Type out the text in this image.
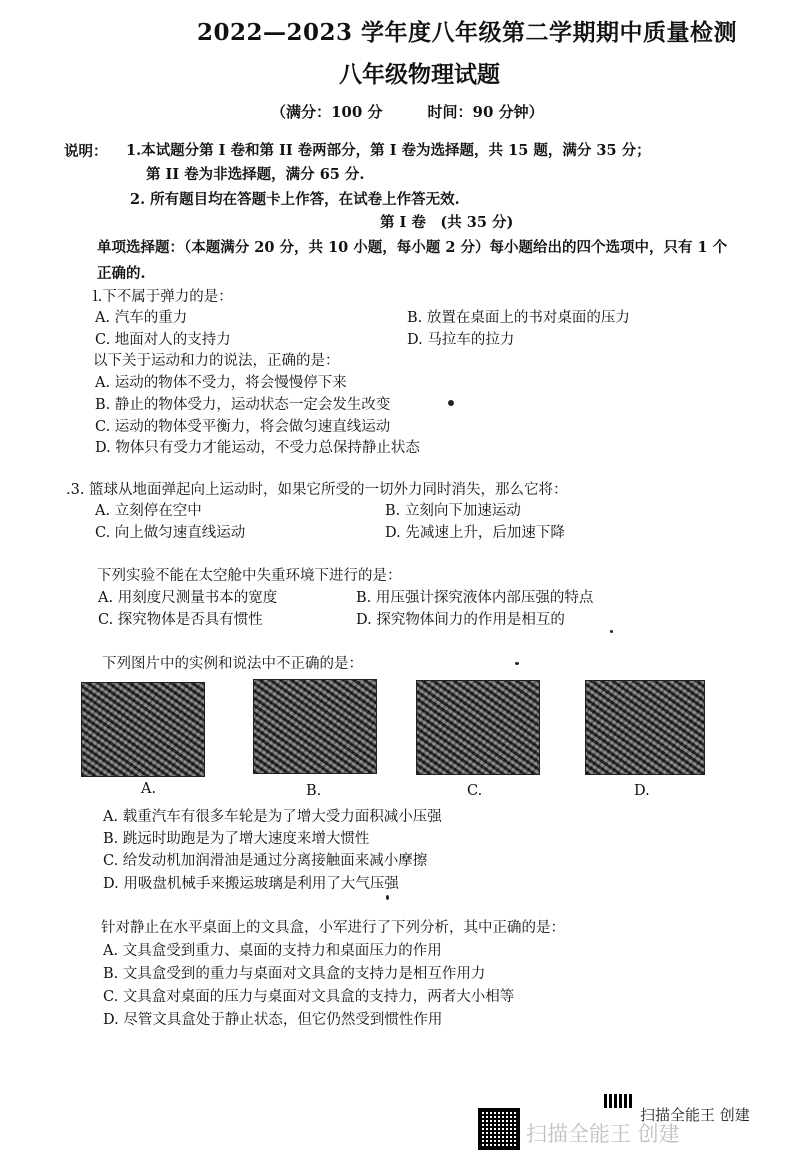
2022—2023 学年度八年级第二学期期中质量检测
八年级物理试题
（满分：100 分　　　时间：90 分钟）
说明： 1.本试题分第 I 卷和第 II 卷两部分，第 I 卷为选择题，共 15 题，满分 35 分；
第 II 卷为非选择题，满分 65 分.
2. 所有题目均在答题卡上作答，在试卷上作答无效.
第 I 卷　(共 35 分)
单项选择题：（本题满分 20 分，共 10 小题，每小题 2 分）每小题给出的四个选项中，只有 1 个
正确的.
l.下不属于弹力的是：
A. 汽车的重力	B. 放置在桌面上的书对桌面的压力
C. 地面对人的支持力	D. 马拉车的拉力
以下关于运动和力的说法，正确的是：
A. 运动的物体不受力，将会慢慢停下来
B. 静止的物体受力，运动状态一定会发生改变
C. 运动的物体受平衡力，将会做匀速直线运动
D. 物体只有受力才能运动，不受力总保持静止状态
.3. 篮球从地面弹起向上运动时，如果它所受的一切外力同时消失，那么它将：
A. 立刻停在空中	B. 立刻向下加速运动
C. 向上做匀速直线运动	D. 先减速上升，后加速下降
下列实验不能在太空舱中失重环境下进行的是：
A. 用刻度尺测量书本的宽度	B. 用压强计探究液体内部压强的特点
C. 探究物体是否具有惯性	D. 探究物体间力的作用是相互的
下列图片中的实例和说法中不正确的是：
A.	B.	C.	D.
A. 载重汽车有很多车轮是为了增大受力面积减小压强
B. 跳远时助跑是为了增大速度来增大惯性
C. 给发动机加润滑油是通过分离接触面来减小摩擦
D. 用吸盘机械手来搬运玻璃是利用了大气压强
针对静止在水平桌面上的文具盒，小军进行了下列分析，其中正确的是：
A. 文具盒受到重力、桌面的支持力和桌面压力的作用
B. 文具盒受到的重力与桌面对文具盒的支持力是相互作用力
C. 文具盒对桌面的压力与桌面对文具盒的支持力，两者大小相等
D. 尽管文具盒处于静止状态，但它仍然受到惯性作用
扫描全能王 创建
扫描全能王 创建
